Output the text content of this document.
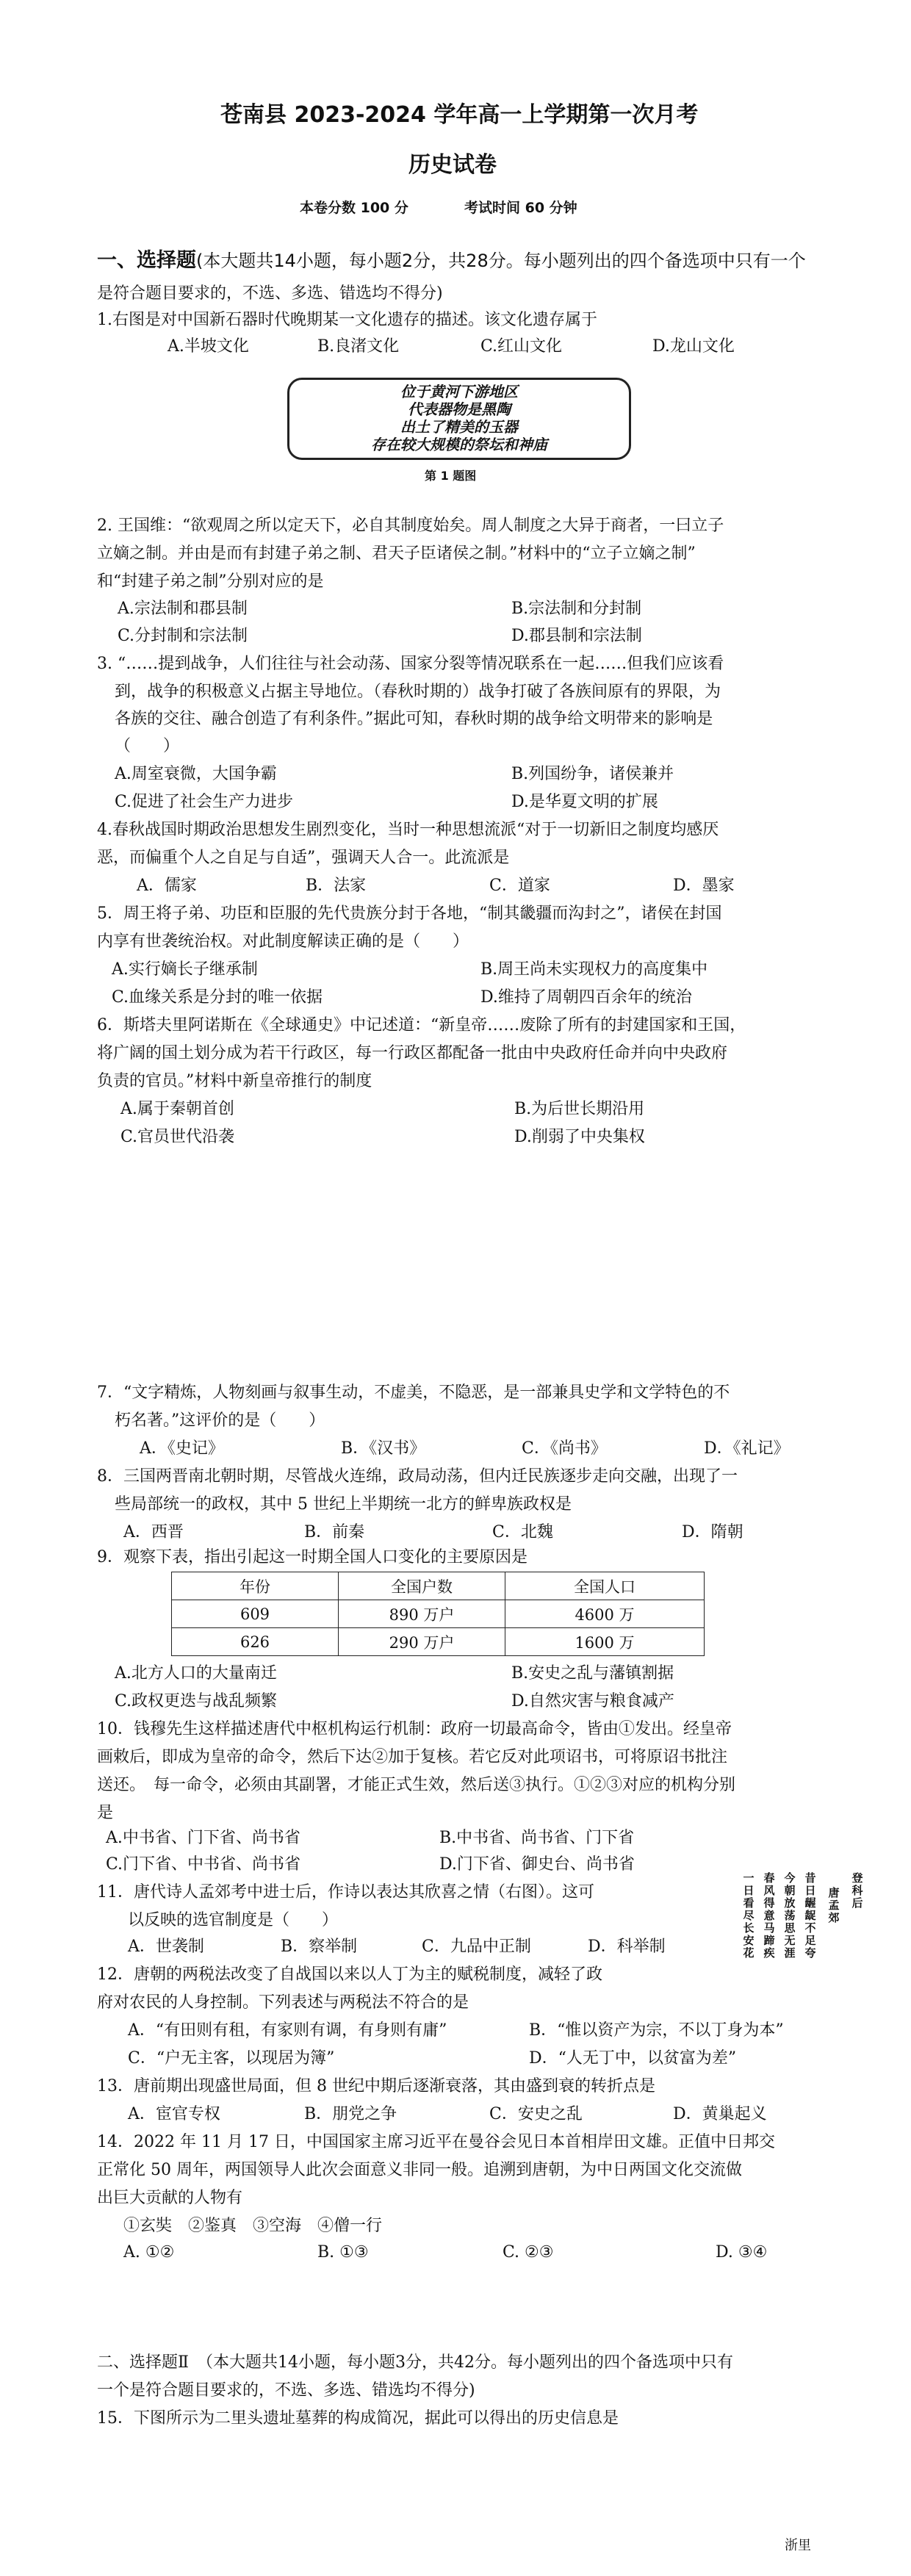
苍南县 2023-2024 学年高一上学期第一次月考
历史试卷
本卷分数 100 分	考试时间 60 分钟
一、选择题(本大题共14小题，每小题2分，共28分。每小题列出的四个备选项中只有一个
是符合题目要求的，不选、多选、错选均不得分)
1.右图是对中国新石器时代晚期某一文化遗存的描述。该文化遗存属于
A.半坡文化	B.良渚文化	C.红山文化	D.龙山文化
位于黄河下游地区
代表器物是黑陶
出土了精美的玉器
存在较大规模的祭坛和神庙
第 1 题图
2. 王国维：“欲观周之所以定天下，必自其制度始矣。周人制度之大异于商者，一曰立子
立嫡之制。并由是而有封建子弟之制、君天子臣诸侯之制。”材料中的“立子立嫡之制”
和“封建子弟之制”分别对应的是
A.宗法制和郡县制	B.宗法制和分封制
C.分封制和宗法制	D.郡县制和宗法制
3. “……提到战争，人们往往与社会动荡、国家分裂等情况联系在一起……但我们应该看
到，战争的积极意义占据主导地位。（春秋时期的）战争打破了各族间原有的界限，为
各族的交往、融合创造了有利条件。”据此可知，春秋时期的战争给文明带来的影响是
（　　）
A.周室衰微，大国争霸	B.列国纷争，诸侯兼并
C.促进了社会生产力进步	D.是华夏文明的扩展
4.春秋战国时期政治思想发生剧烈变化，当时一种思想流派“对于一切新旧之制度均感厌
恶，而偏重个人之自足与自适”，强调天人合一。此流派是
A．儒家	B．法家	C．道家	D．墨家
5．周王将子弟、功臣和臣服的先代贵族分封于各地，“制其畿疆而沟封之”，诸侯在封国
内享有世袭统治权。对此制度解读正确的是（　　）
A.实行嫡长子继承制	B.周王尚未实现权力的高度集中
C.血缘关系是分封的唯一依据	D.维持了周朝四百余年的统治
6．斯塔夫里阿诺斯在《全球通史》中记述道：“新皇帝……废除了所有的封建国家和王国，
将广阔的国土划分成为若干行政区，每一行政区都配备一批由中央政府任命并向中央政府
负责的官员。”材料中新皇帝推行的制度
A.属于秦朝首创	B.为后世长期沿用
C.官员世代沿袭	D.削弱了中央集权
7．“文字精炼，人物刻画与叙事生动，不虚美，不隐恶，是一部兼具史学和文学特色的不
朽名著。”这评价的是（　　）
A．《史记》	B．《汉书》	C．《尚书》	D．《礼记》
8．三国两晋南北朝时期，尽管战火连绵，政局动荡，但内迁民族逐步走向交融，出现了一
些局部统一的政权，其中 5 世纪上半期统一北方的鲜卑族政权是
A．西晋	B．前秦	C．北魏	D．隋朝
9．观察下表，指出引起这一时期全国人口变化的主要原因是
年份	全国户数	全国人口
609	890 万户	4600 万
626	290 万户	1600 万
A.北方人口的大量南迁	B.安史之乱与藩镇割据
C.政权更迭与战乱频繁	D.自然灾害与粮食减产
10．钱穆先生这样描述唐代中枢机构运行机制：政府一切最高命令，皆由①发出。经皇帝
画敕后，即成为皇帝的命令，然后下达②加于复核。若它反对此项诏书，可将原诏书批注
送还。　每一命令，必须由其副署，才能正式生效，然后送③执行。①②③对应的机构分别
是
A.中书省、门下省、尚书省	B.中书省、尚书省、门下省
C.门下省、中书省、尚书省	D.门下省、御史台、尚书省
11．唐代诗人孟郊考中进士后，作诗以表达其欣喜之情（右图）。这可
以反映的选官制度是（　　）
A．世袭制	B．察举制	C．九品中正制	D．科举制
登科后
唐　孟郊
昔日龌龊不足夸
今朝放荡思无涯
春风得意马蹄疾
一日看尽长安花
12．唐朝的两税法改变了自战国以来以人丁为主的赋税制度，减轻了政
府对农民的人身控制。下列表述与两税法不符合的是
A．“有田则有租，有家则有调，有身则有庸”	B．“惟以资产为宗，不以丁身为本”
C．“户无主客，以现居为簿”	D．“人无丁中，以贫富为差”
13．唐前期出现盛世局面，但 8 世纪中期后逐渐衰落，其由盛到衰的转折点是
A．宦官专权	B．朋党之争	C．安史之乱	D．黄巢起义
14．2022 年 11 月 17 日，中国国家主席习近平在曼谷会见日本首相岸田文雄。正值中日邦交
正常化 50 周年，两国领导人此次会面意义非同一般。追溯到唐朝，为中日两国文化交流做
出巨大贡献的人物有
①玄奘　②鉴真　③空海　④僧一行
A. ①②	B. ①③	C. ②③	D. ③④
二、选择题Ⅱ　（本大题共14小题，每小题3分，共42分。每小题列出的四个备选项中只有
一个是符合题目要求的，不选、多选、错选均不得分)
15．下图所示为二里头遗址墓葬的构成简况，据此可以得出的历史信息是
浙里
